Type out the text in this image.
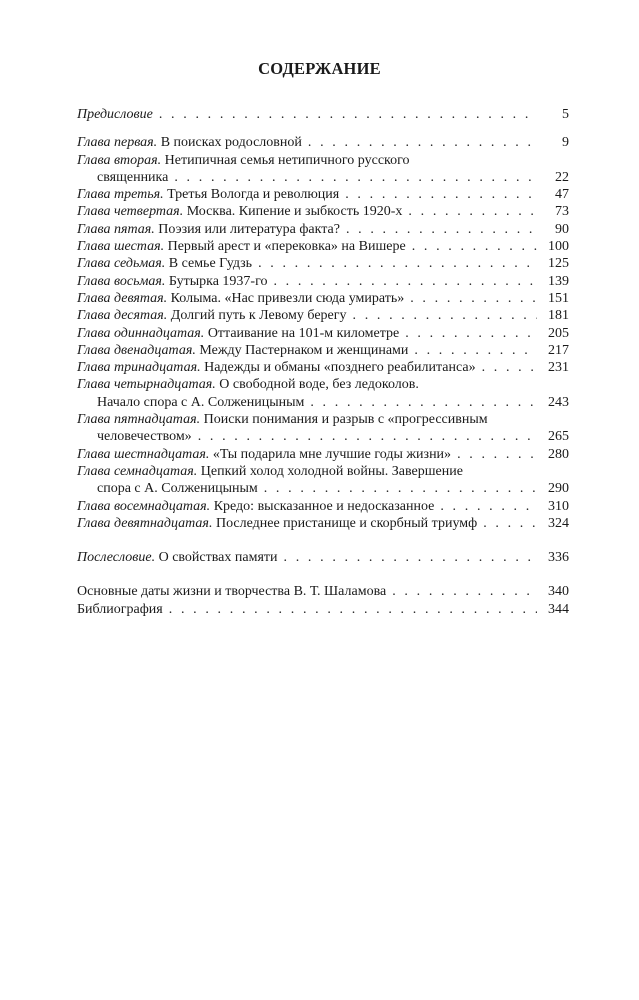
СОДЕРЖАНИЕ
Предисловие . . .	5
Глава первая. В поисках родословной . . .	9
Глава вторая. Нетипичная семья нетипичного русского
священника . . .	22
Глава третья. Третья Вологда и революция . . .	47
Глава четвертая. Москва. Кипение и зыбкость 1920-х . . .	73
Глава пятая. Поэзия или литература факта? . . .	90
Глава шестая. Первый арест и «перековка» на Вишере . . .	100
Глава седьмая. В семье Гудзь . . .	125
Глава восьмая. Бутырка 1937-го . . .	139
Глава девятая. Колыма. «Нас привезли сюда умирать» . . .	151
Глава десятая. Долгий путь к Левому берегу . . .	181
Глава одиннадцатая. Оттаивание на 101-м километре . . .	205
Глава двенадцатая. Между Пастернаком и женщинами . . .	217
Глава тринадцатая. Надежды и обманы «позднего реабилитанса» . . .	231
Глава четырнадцатая. О свободной воде, без ледоколов.
Начало спора с А. Солженицыным . . .	243
Глава пятнадцатая. Поиски понимания и разрыв с «прогрессивным
человечеством» . . .	265
Глава шестнадцатая. «Ты подарила мне лучшие годы жизни» . . .	280
Глава семнадцатая. Цепкий холод холодной войны. Завершение
спора с А. Солженицыным . . .	290
Глава восемнадцатая. Кредо: высказанное и недосказанное . . .	310
Глава девятнадцатая. Последнее пристанище и скорбный триумф . . .	324
Послесловие. О свойствах памяти . . .	336
Основные даты жизни и творчества В. Т. Шаламова . . .	340
Библиография . . .	344
